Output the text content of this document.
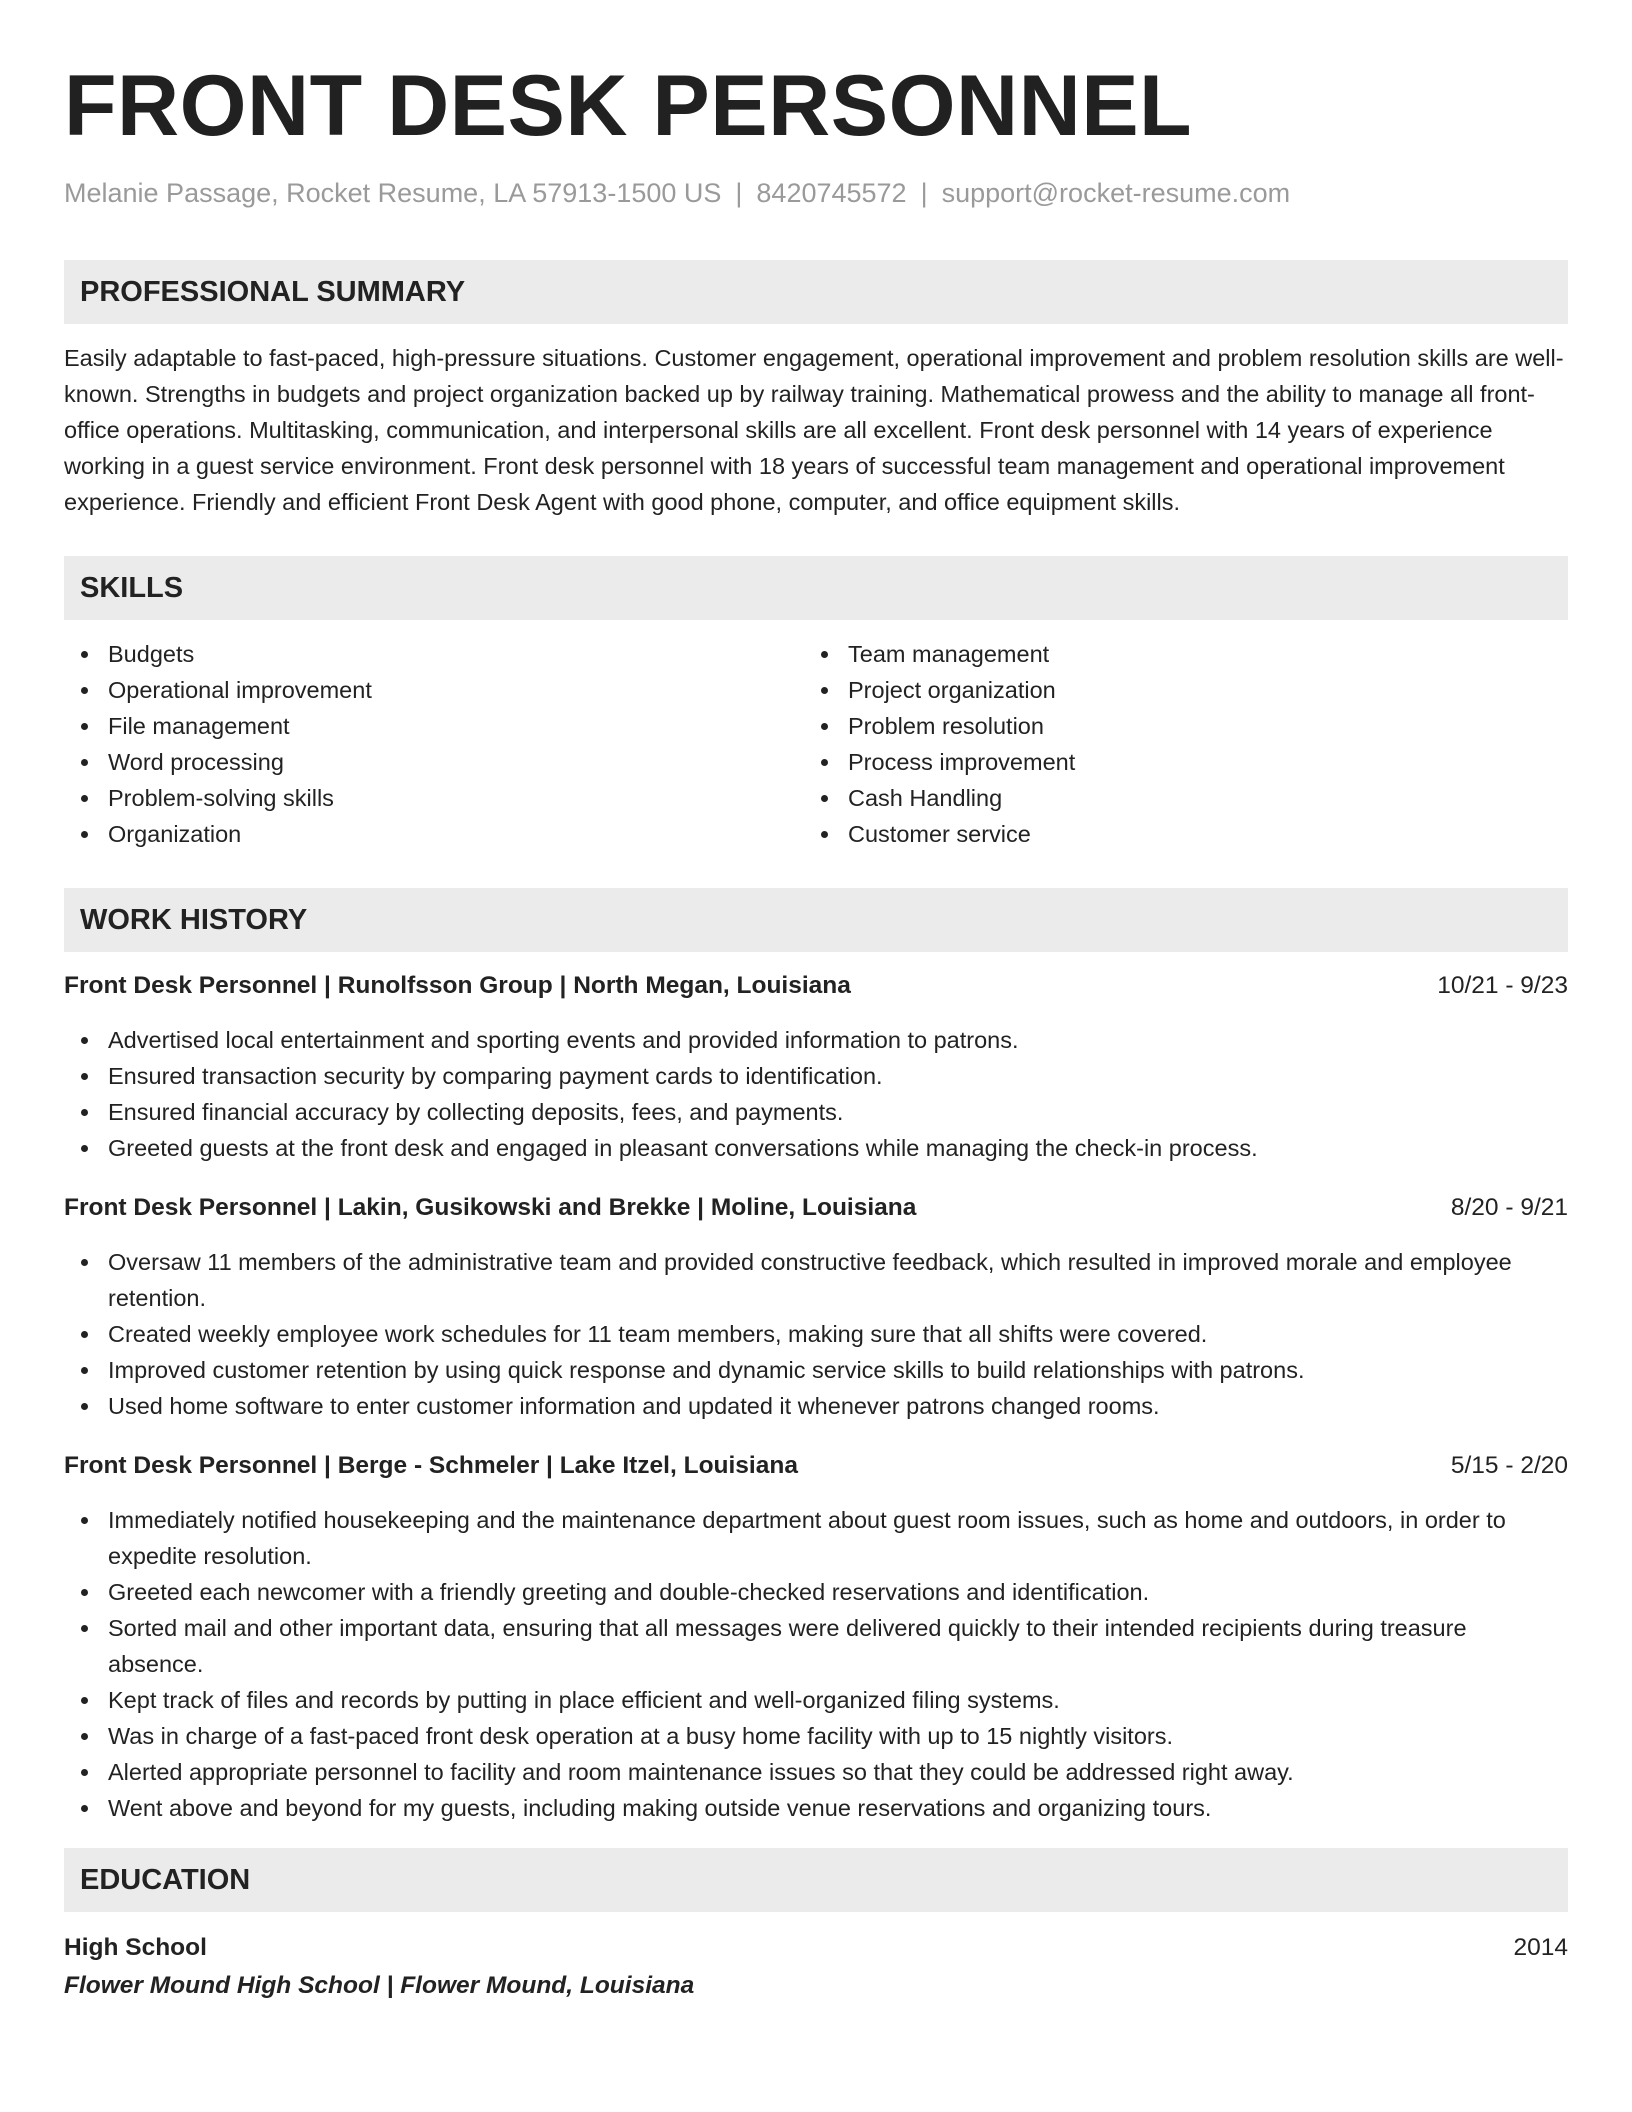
FRONT DESK PERSONNEL
Melanie Passage, Rocket Resume, LA 57913-1500 US | 8420745572 | support@rocket-resume.com
PROFESSIONAL SUMMARY
Easily adaptable to fast-paced, high-pressure situations. Customer engagement, operational improvement and problem resolution skills are well-known. Strengths in budgets and project organization backed up by railway training. Mathematical prowess and the ability to manage all front-office operations. Multitasking, communication, and interpersonal skills are all excellent. Front desk personnel with 14 years of experience working in a guest service environment. Front desk personnel with 18 years of successful team management and operational improvement experience. Friendly and efficient Front Desk Agent with good phone, computer, and office equipment skills.
SKILLS
Budgets
Operational improvement
File management
Word processing
Problem-solving skills
Organization
Team management
Project organization
Problem resolution
Process improvement
Cash Handling
Customer service
WORK HISTORY
Front Desk Personnel | Runolfsson Group | North Megan, Louisiana	10/21 - 9/23
Advertised local entertainment and sporting events and provided information to patrons.
Ensured transaction security by comparing payment cards to identification.
Ensured financial accuracy by collecting deposits, fees, and payments.
Greeted guests at the front desk and engaged in pleasant conversations while managing the check-in process.
Front Desk Personnel | Lakin, Gusikowski and Brekke | Moline, Louisiana	8/20 - 9/21
Oversaw 11 members of the administrative team and provided constructive feedback, which resulted in improved morale and employee retention.
Created weekly employee work schedules for 11 team members, making sure that all shifts were covered.
Improved customer retention by using quick response and dynamic service skills to build relationships with patrons.
Used home software to enter customer information and updated it whenever patrons changed rooms.
Front Desk Personnel | Berge - Schmeler | Lake Itzel, Louisiana	5/15 - 2/20
Immediately notified housekeeping and the maintenance department about guest room issues, such as home and outdoors, in order to expedite resolution.
Greeted each newcomer with a friendly greeting and double-checked reservations and identification.
Sorted mail and other important data, ensuring that all messages were delivered quickly to their intended recipients during treasure absence.
Kept track of files and records by putting in place efficient and well-organized filing systems.
Was in charge of a fast-paced front desk operation at a busy home facility with up to 15 nightly visitors.
Alerted appropriate personnel to facility and room maintenance issues so that they could be addressed right away.
Went above and beyond for my guests, including making outside venue reservations and organizing tours.
EDUCATION
High School	2014
Flower Mound High School | Flower Mound, Louisiana
